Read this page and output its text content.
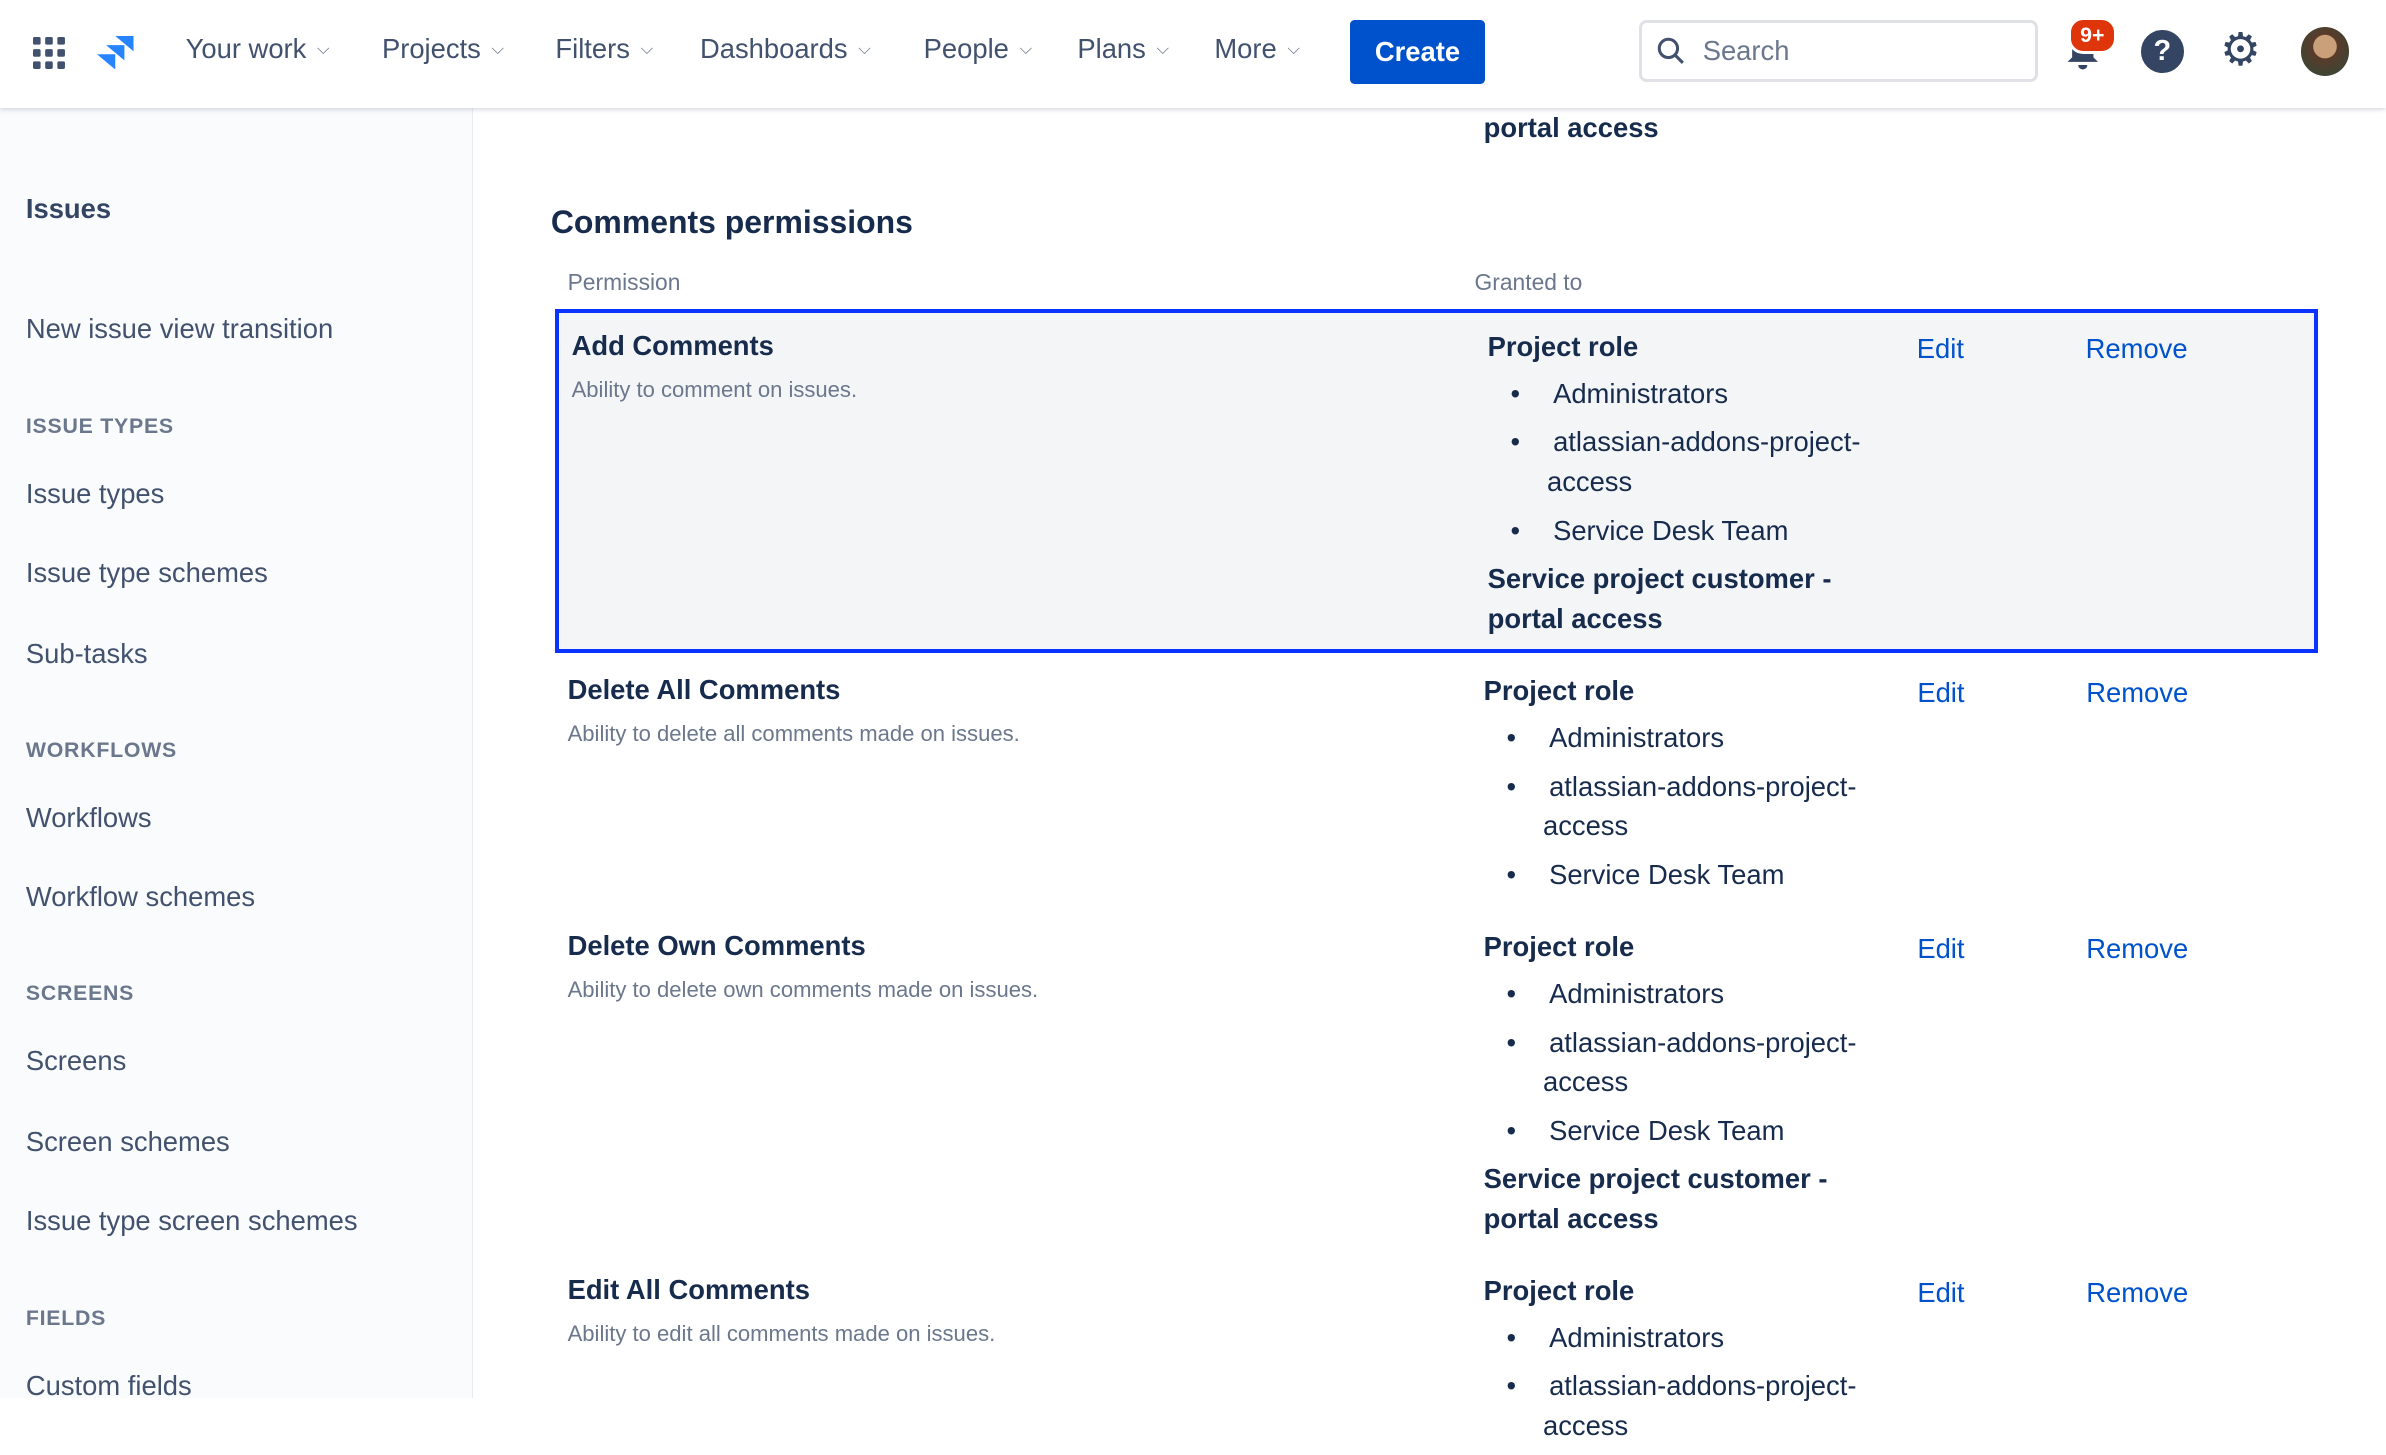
Your work ⌵	Projects ⌵	Filters ⌵	Dashboards ⌵	People ⌵	Plans ⌵	More ⌵	Create	Search
9+
?	⚙
Issues
New issue view transition
ISSUE TYPES
Issue types
Issue type schemes
Sub-tasks
WORKFLOWS
Workflows
Workflow schemes
SCREENS
Screens
Screen schemes
Issue type screen schemes
FIELDS
Custom fields
portal access
Comments permissions
Permission	Granted to
Add Comments
Ability to comment on issues.
Project role
• Administrators
• atlassian-addons-project-access
• Service Desk Team
Service project customer - portal access
Edit	Remove
Delete All Comments
Ability to delete all comments made on issues.
Project role
• Administrators
• atlassian-addons-project-access
• Service Desk Team
Edit	Remove
Delete Own Comments
Ability to delete own comments made on issues.
Project role
• Administrators
• atlassian-addons-project-access
• Service Desk Team
Service project customer - portal access
Edit	Remove
Edit All Comments
Ability to edit all comments made on issues.
Project role
• Administrators
• atlassian-addons-project-access
Edit	Remove
